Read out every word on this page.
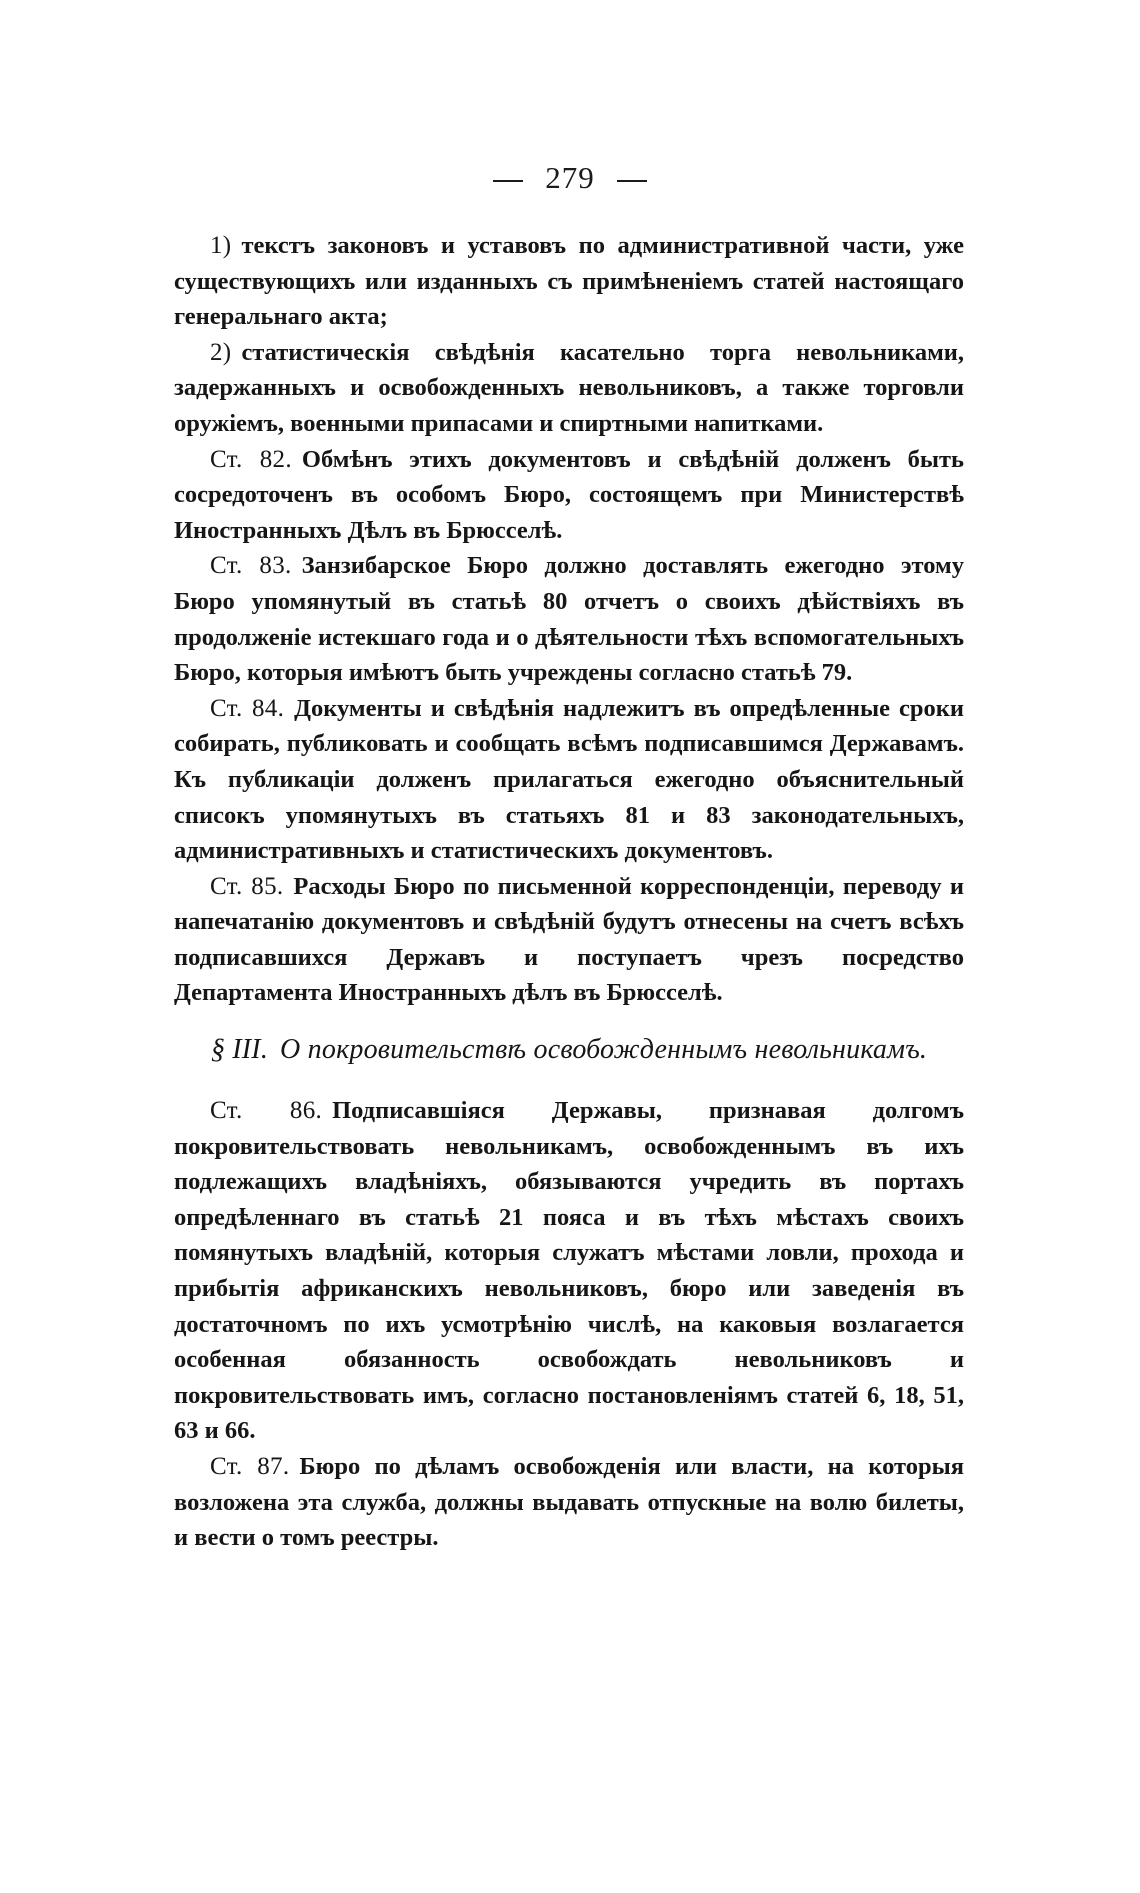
279

1) текстъ законовъ и уставовъ по административной части, уже существующихъ или изданныхъ съ примѣненіемъ статей настоящаго генеральнаго акта;

2) статистическія свѣдѣнія касательно торга невольниками, задержанныхъ и освобожденныхъ невольниковъ, а также торговли оружіемъ, военными припасами и спиртными напитками.

Ст. 82. Обмѣнъ этихъ документовъ и свѣдѣній долженъ быть сосредоточенъ въ особомъ Бюро, состоящемъ при Министерствѣ Иностранныхъ Дѣлъ въ Брюсселѣ.

Ст. 83. Занзибарское Бюро должно доставлять ежегодно этому Бюро упомянутый въ статьѣ 80 отчетъ о своихъ дѣйствіяхъ въ продолженіе истекшаго года и о дѣятельности тѣхъ вспомогательныхъ Бюро, которыя имѣютъ быть учреждены согласно статьѣ 79.

Ст. 84. Документы и свѣдѣнія надлежитъ въ опредѣленные сроки собирать, публиковать и сообщать всѣмъ подписавшимся Державамъ. Къ публикаціи долженъ прилагаться ежегодно объяснительный списокъ упомянутыхъ въ статьяхъ 81 и 83 законодательныхъ, административныхъ и статистическихъ документовъ.

Ст. 85. Расходы Бюро по письменной корреспонденціи, переводу и напечатанію документовъ и свѣдѣній будутъ отнесены на счетъ всѣхъ подписавшихся Державъ и поступаетъ чрезъ посредство Департамента Иностранныхъ дѣлъ въ Брюсселѣ.

§ III. О покровительствѣ освобожденнымъ невольникамъ.

Ст. 86. Подписавшіяся Державы, признавая долгомъ покровительствовать невольникамъ, освобожденнымъ въ ихъ подлежащихъ владѣніяхъ, обязываются учредить въ портахъ опредѣленнаго въ статьѣ 21 пояса и въ тѣхъ мѣстахъ своихъ помянутыхъ владѣній, которыя служатъ мѣстами ловли, прохода и прибытія африканскихъ невольниковъ, бюро или заведенія въ достаточномъ по ихъ усмотрѣнію числѣ, на каковыя возлагается особенная обязанность освобождать невольниковъ и покровительствовать имъ, согласно постановленіямъ статей 6, 18, 51, 63 и 66.

Ст. 87. Бюро по дѣламъ освобожденія или власти, на которыя возложена эта служба, должны выдавать отпускные на волю билеты, и вести о томъ реестры.
